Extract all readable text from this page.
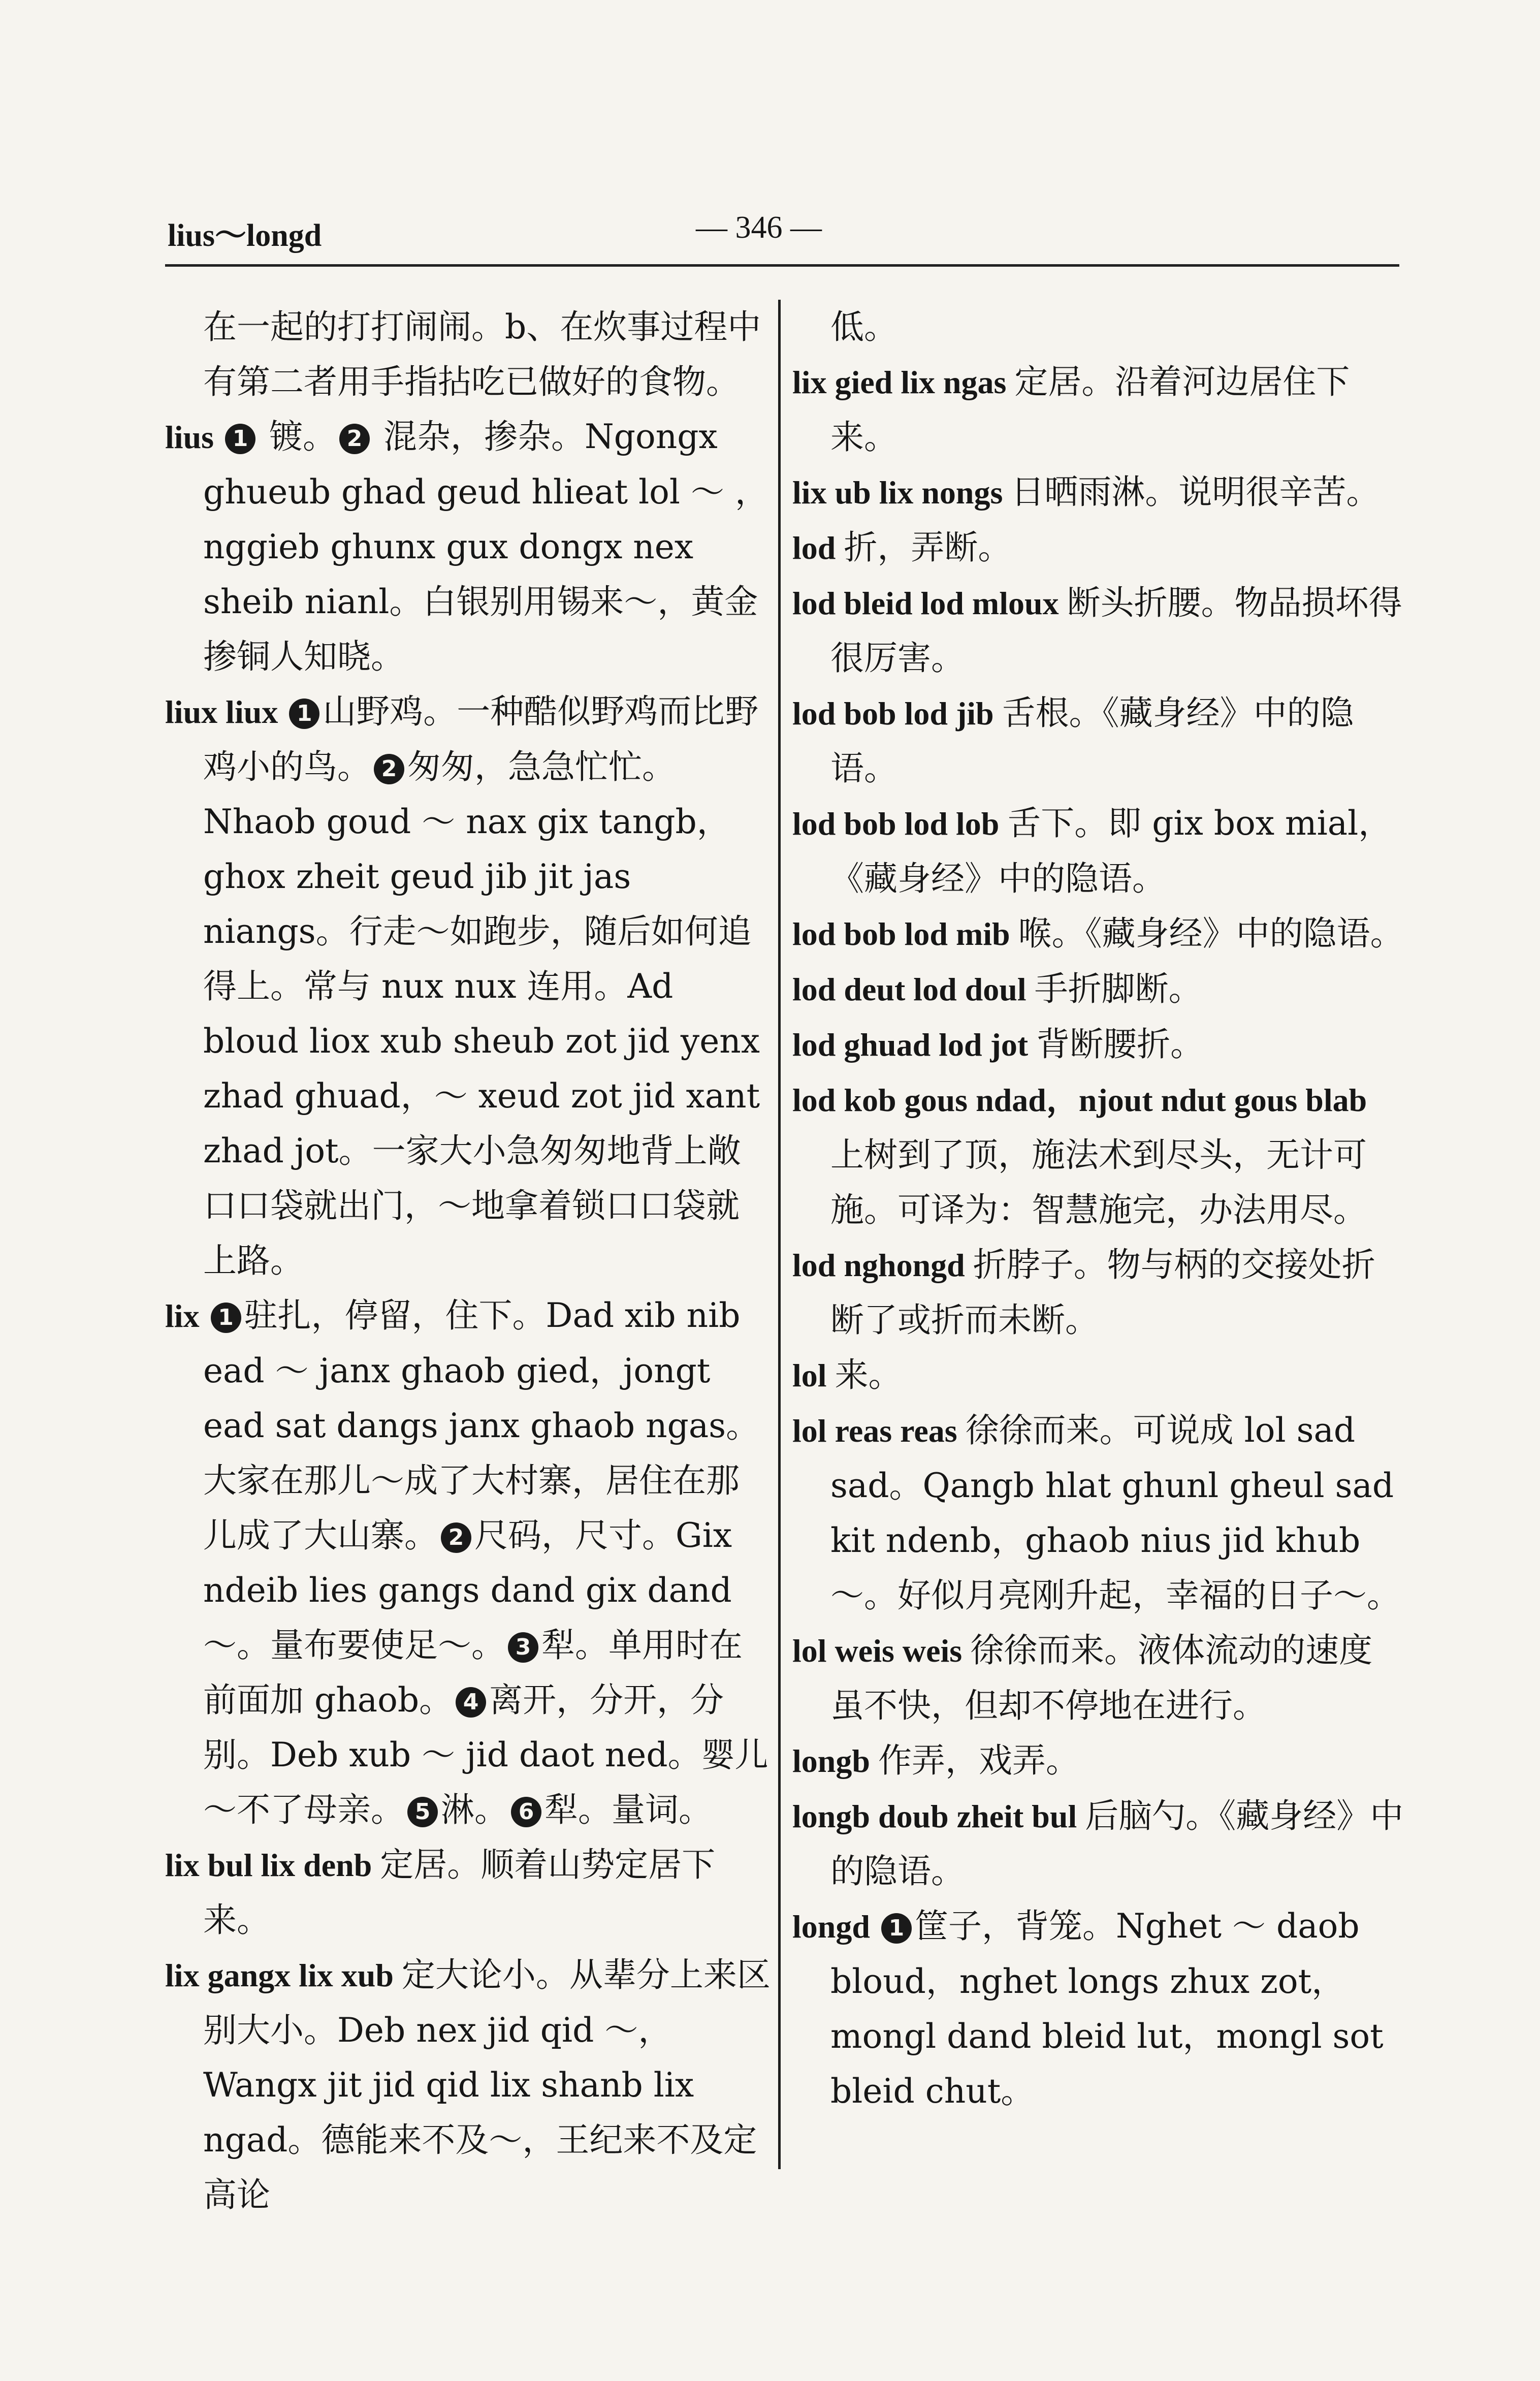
lius～longd	— 346 —

在一起的打打闹闹。b、在炊事过程中有第二者用手指拈吃已做好的食物。

lius 1 镀。 2 混杂，掺杂。Ngongx ghueub ghad geud hlieat lol ～ ，nggieb ghunx gux dongx nex sheib nianl。白银别用锡来～，黄金掺铜人知晓。

liux liux 1 山野鸡。一种酷似野鸡而比野鸡小的鸟。 2 匆匆，急急忙忙。Nhaob goud ～ nax gix tangb，ghox zheit geud jib jit jas niangs。行走～如跑步，随后如何追得上。常与 nux nux 连用。Ad bloud liox xub sheub zot jid yenx zhad ghuad，～ xeud zot jid xant zhad jot。一家大小急匆匆地背上敞口口袋就出门，～地拿着锁口口袋就上路。

lix 1 驻扎，停留，住下。Dad xib nib ead ～ janx ghaob gied，jongt ead sat dangs janx ghaob ngas。大家在那儿～成了大村寨，居住在那儿成了大山寨。 2 尺码，尺寸。Gix ndeib lies gangs dand gix dand ～。量布要使足～。 3 犁。单用时在前面加 ghaob。 4 离开，分开，分别。Deb xub ～ jid daot ned。婴儿～不了母亲。 5 淋。 6 犁。量词。

lix bul lix denb 定居。顺着山势定居下来。

lix gangx lix xub 定大论小。从辈分上来区别大小。Deb nex jid qid ～，Wangx jit jid qid lix shanb lix ngad。德能来不及～，王纪来不及定高论

低。

lix gied lix ngas 定居。沿着河边居住下来。

lix ub lix nongs 日晒雨淋。说明很辛苦。

lod 折，弄断。

lod bleid lod mloux 断头折腰。物品损坏得很厉害。

lod bob lod jib 舌根。《藏身经》中的隐语。

lod bob lod lob 舌下。即 gix box mial，《藏身经》中的隐语。

lod bob lod mib 喉。《藏身经》中的隐语。

lod deut lod doul 手折脚断。

lod ghuad lod jot 背断腰折。

lod kob gous ndad，njout ndut gous blab 上树到了顶，施法术到尽头，无计可施。可译为：智慧施完，办法用尽。

lod nghongd 折脖子。物与柄的交接处折断了或折而未断。

lol 来。

lol reas reas 徐徐而来。可说成 lol sad sad。Qangb hlat ghunl gheul sad kit ndenb，ghaob nius jid khub ～。好似月亮刚升起，幸福的日子～。

lol weis weis 徐徐而来。液体流动的速度虽不快，但却不停地在进行。

longb 作弄，戏弄。

longb doub zheit bul 后脑勺。《藏身经》中的隐语。

longd 1 筐子，背笼。Nghet ～ daob bloud，nghet longs zhux zot，mongl dand bleid lut，mongl sot bleid chut。
